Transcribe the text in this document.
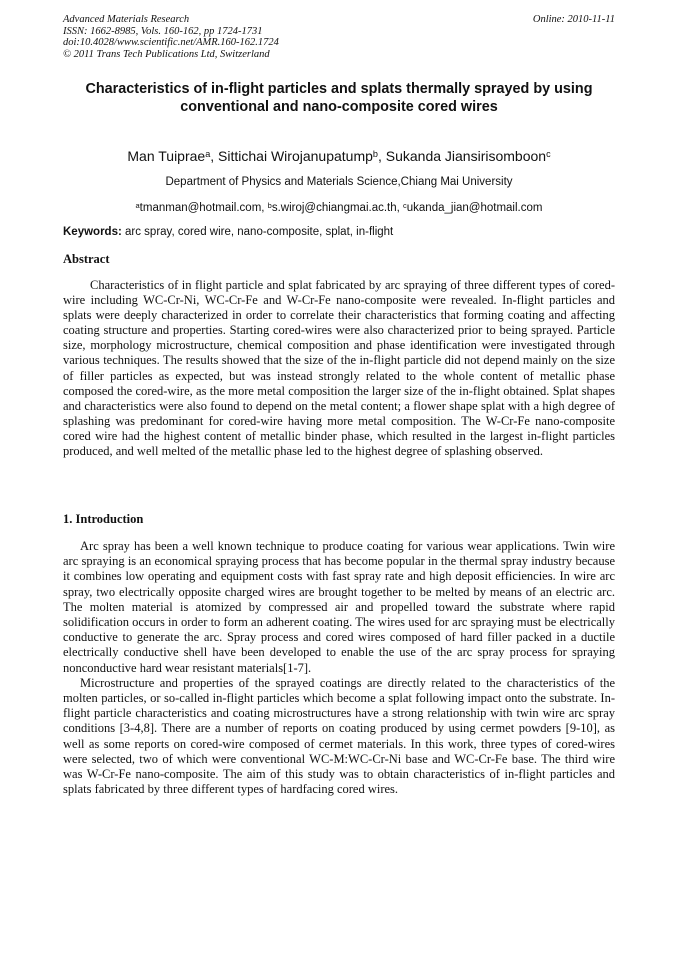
Advanced Materials Research
ISSN: 1662-8985, Vols. 160-162, pp 1724-1731
doi:10.4028/www.scientific.net/AMR.160-162.1724
© 2011 Trans Tech Publications Ltd, Switzerland
Online: 2010-11-11
Characteristics of in-flight particles and splats thermally sprayed by using conventional and nano-composite cored wires
Man Tuiprae$^a$, Sittichai Wirojanupatump$^b$, Sukanda Jiansirisomboon$^c$
Department of Physics and Materials Science,Chiang Mai University
$^a$tmanman@hotmail.com, $^b$s.wiroj@chiangmai.ac.th, $^c$ukanda_jian@hotmail.com
Keywords: arc spray, cored wire, nano-composite, splat, in-flight
Abstract

Characteristics of in flight particle and splat fabricated by arc spraying of three different types of cored-wire including WC-Cr-Ni, WC-Cr-Fe and W-Cr-Fe nano-composite were revealed. In-flight particles and splats were deeply characterized in order to correlate their characteristics that forming coating and affecting coating structure and properties. Starting cored-wires were also characterized prior to being sprayed. Particle size, morphology microstructure, chemical composition and phase identification were investigated through various techniques. The results showed that the size of the in-flight particle did not depend mainly on the size of filler particles as expected, but was instead strongly related to the whole content of metallic phase composed the cored-wire, as the more metal composition the larger size of the in-flight obtained. Splat shapes and characteristics were also found to depend on the metal content; a flower shape splat with a high degree of splashing was predominant for cored-wire having more metal composition. The W-Cr-Fe nano-composite cored wire had the highest content of metallic binder phase, which resulted in the largest in-flight particles produced, and well melted of the metallic phase led to the highest degree of splashing observed.

1. Introduction

Arc spray has been a well known technique to produce coating for various wear applications. Twin wire arc spraying is an economical spraying process that has become popular in the thermal spray industry because it combines low operating and equipment costs with fast spray rate and high deposit efficiencies. In wire arc spray, two electrically opposite charged wires are brought together to be melted by means of an electric arc. The molten material is atomized by compressed air and propelled toward the substrate where rapid solidification occurs in order to form an adherent coating. The wires used for arc spraying must be electrically conductive to generate the arc. Spray process and cored wires composed of hard filler packed in a ductile electrically conductive shell have been developed to enable the use of the arc spray process for spraying nonconductive hard wear resistant materials[1-7].

Microstructure and properties of the sprayed coatings are directly related to the characteristics of the molten particles, or so-called in-flight particles which become a splat following impact onto the substrate. In-flight particle characteristics and coating microstructures have a strong relationship with twin wire arc spray conditions [3-4,8]. There are a number of reports on coating produced by using cermet powders [9-10], as well as some reports on cored-wire composed of cermet materials. In this work, three types of cored-wires were selected, two of which were conventional WC-M:WC-Cr-Ni base and WC-Cr-Fe base. The third wire was W-Cr-Fe nano-composite. The aim of this study was to obtain characteristics of in-flight particles and splats fabricated by three different types of hardfacing cored wires.
